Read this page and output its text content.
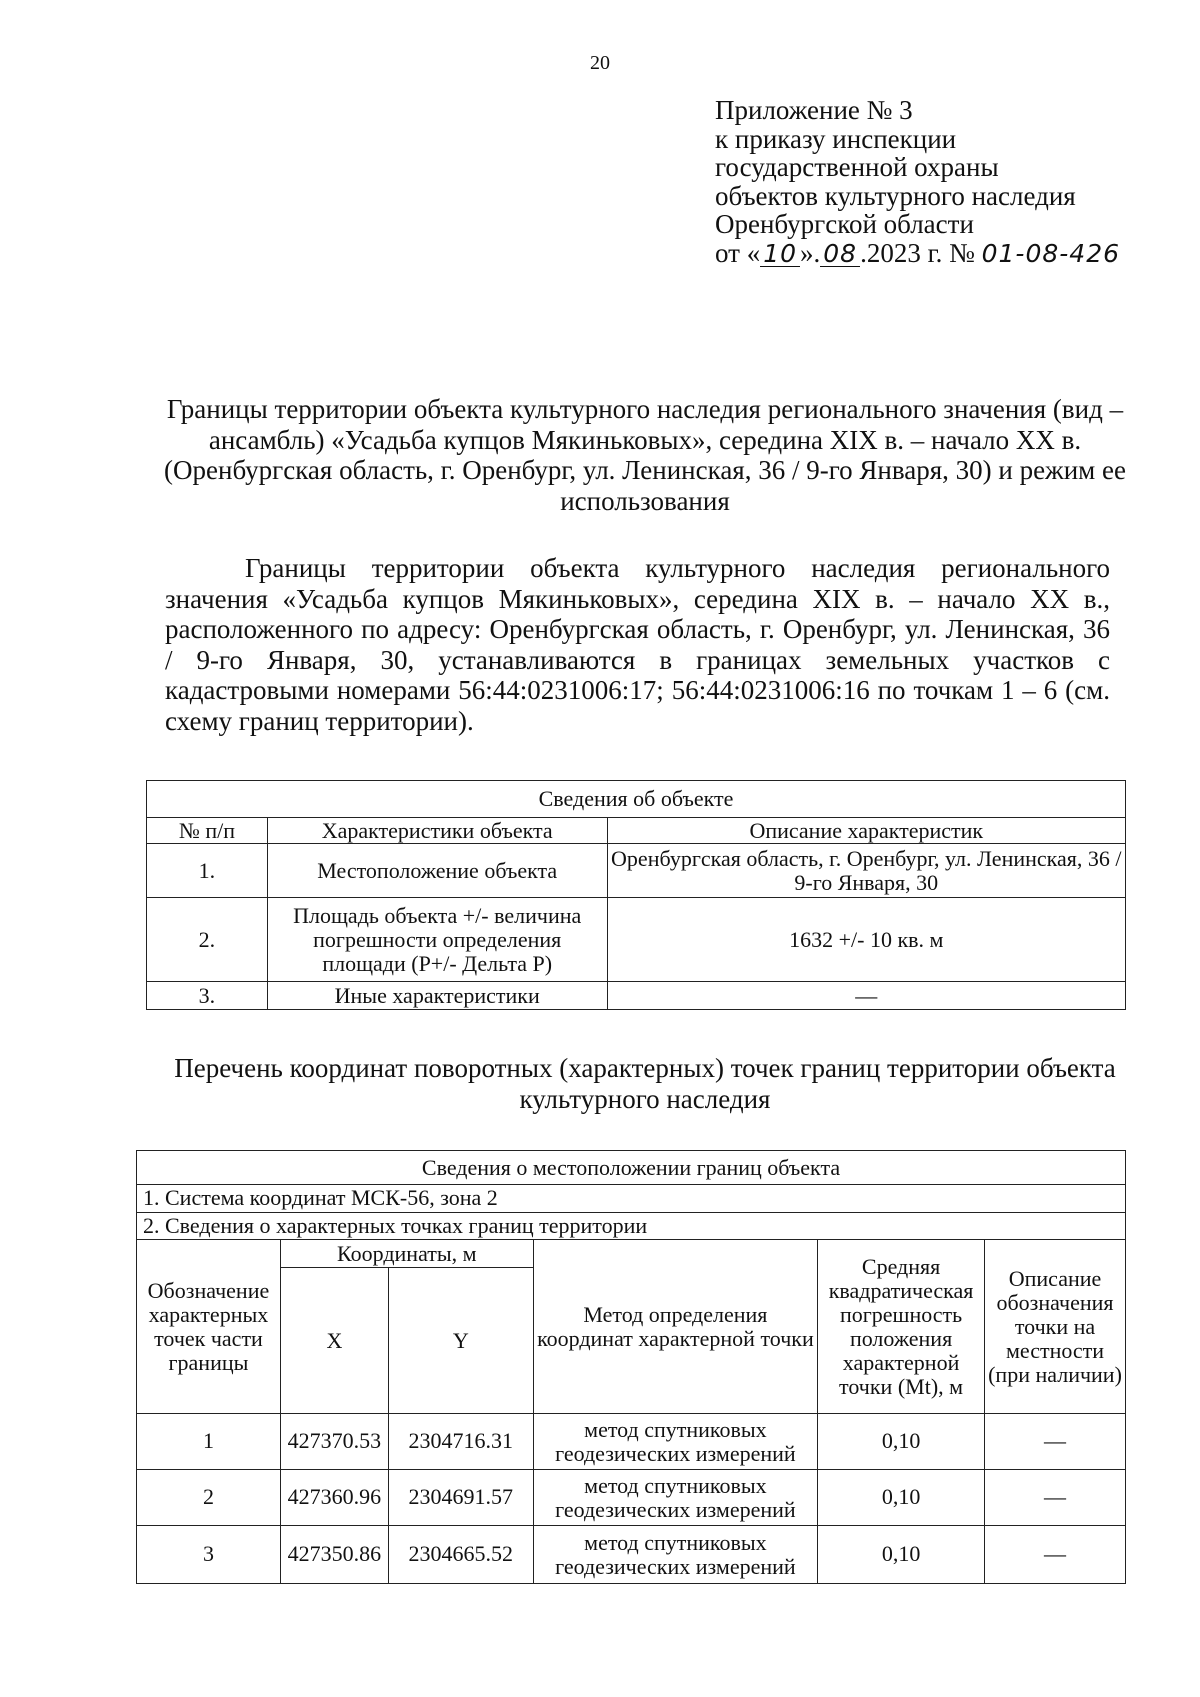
20
Приложение № 3
к приказу инспекции
государственной охраны
объектов культурного наследия
Оренбургской области
от « 10 ». 08 .2023 г. № 01-08-426
Границы территории объекта культурного наследия регионального значения (вид – ансамбль) «Усадьба купцов Мякиньковых», середина XIX в. – начало XX в. (Оренбургская область, г. Оренбург, ул. Ленинская, 36 / 9-го Января, 30) и режим ее использования

Границы территории объекта культурного наследия регионального значения «Усадьба купцов Мякиньковых», середина XIX в. – начало XX в., расположенного по адресу: Оренбургская область, г. Оренбург, ул. Ленинская, 36 / 9-го Января, 30, устанавливаются в границах земельных участков с кадастровыми номерами 56:44:0231006:17; 56:44:0231006:16 по точкам 1 – 6 (см. схему границ территории).

Сведения об объекте		
№ п/п	Характеристики объекта	Описание характеристик
1.	Местоположение объекта	Оренбургская область, г. Оренбург, ул. Ленинская, 36 / 9-го Января, 30
2.	Площадь объекта +/- величина погрешности определения площади (Р+/- Дельта Р)	1632 +/- 10 кв. м
3.	Иные характеристики	—
Перечень координат поворотных (характерных) точек границ территории объекта культурного наследия
Сведения о местоположении границ объекта					
1. Система координат МСК-56, зона 2					
2. Сведения о характерных точках границ территории					
Обозначение характерных точек части границы	Координаты, м		Метод определения координат характерной точки	Средняя квадратическая погрешность положения характерной точки (Mt), м	Описание обозначения точки на местности (при наличии)
	X	Y			
1	427370.53	2304716.31	метод спутниковых геодезических измерений	0,10	—
2	427360.96	2304691.57	метод спутниковых геодезических измерений	0,10	—
3	427350.86	2304665.52	метод спутниковых геодезических измерений	0,10	—
